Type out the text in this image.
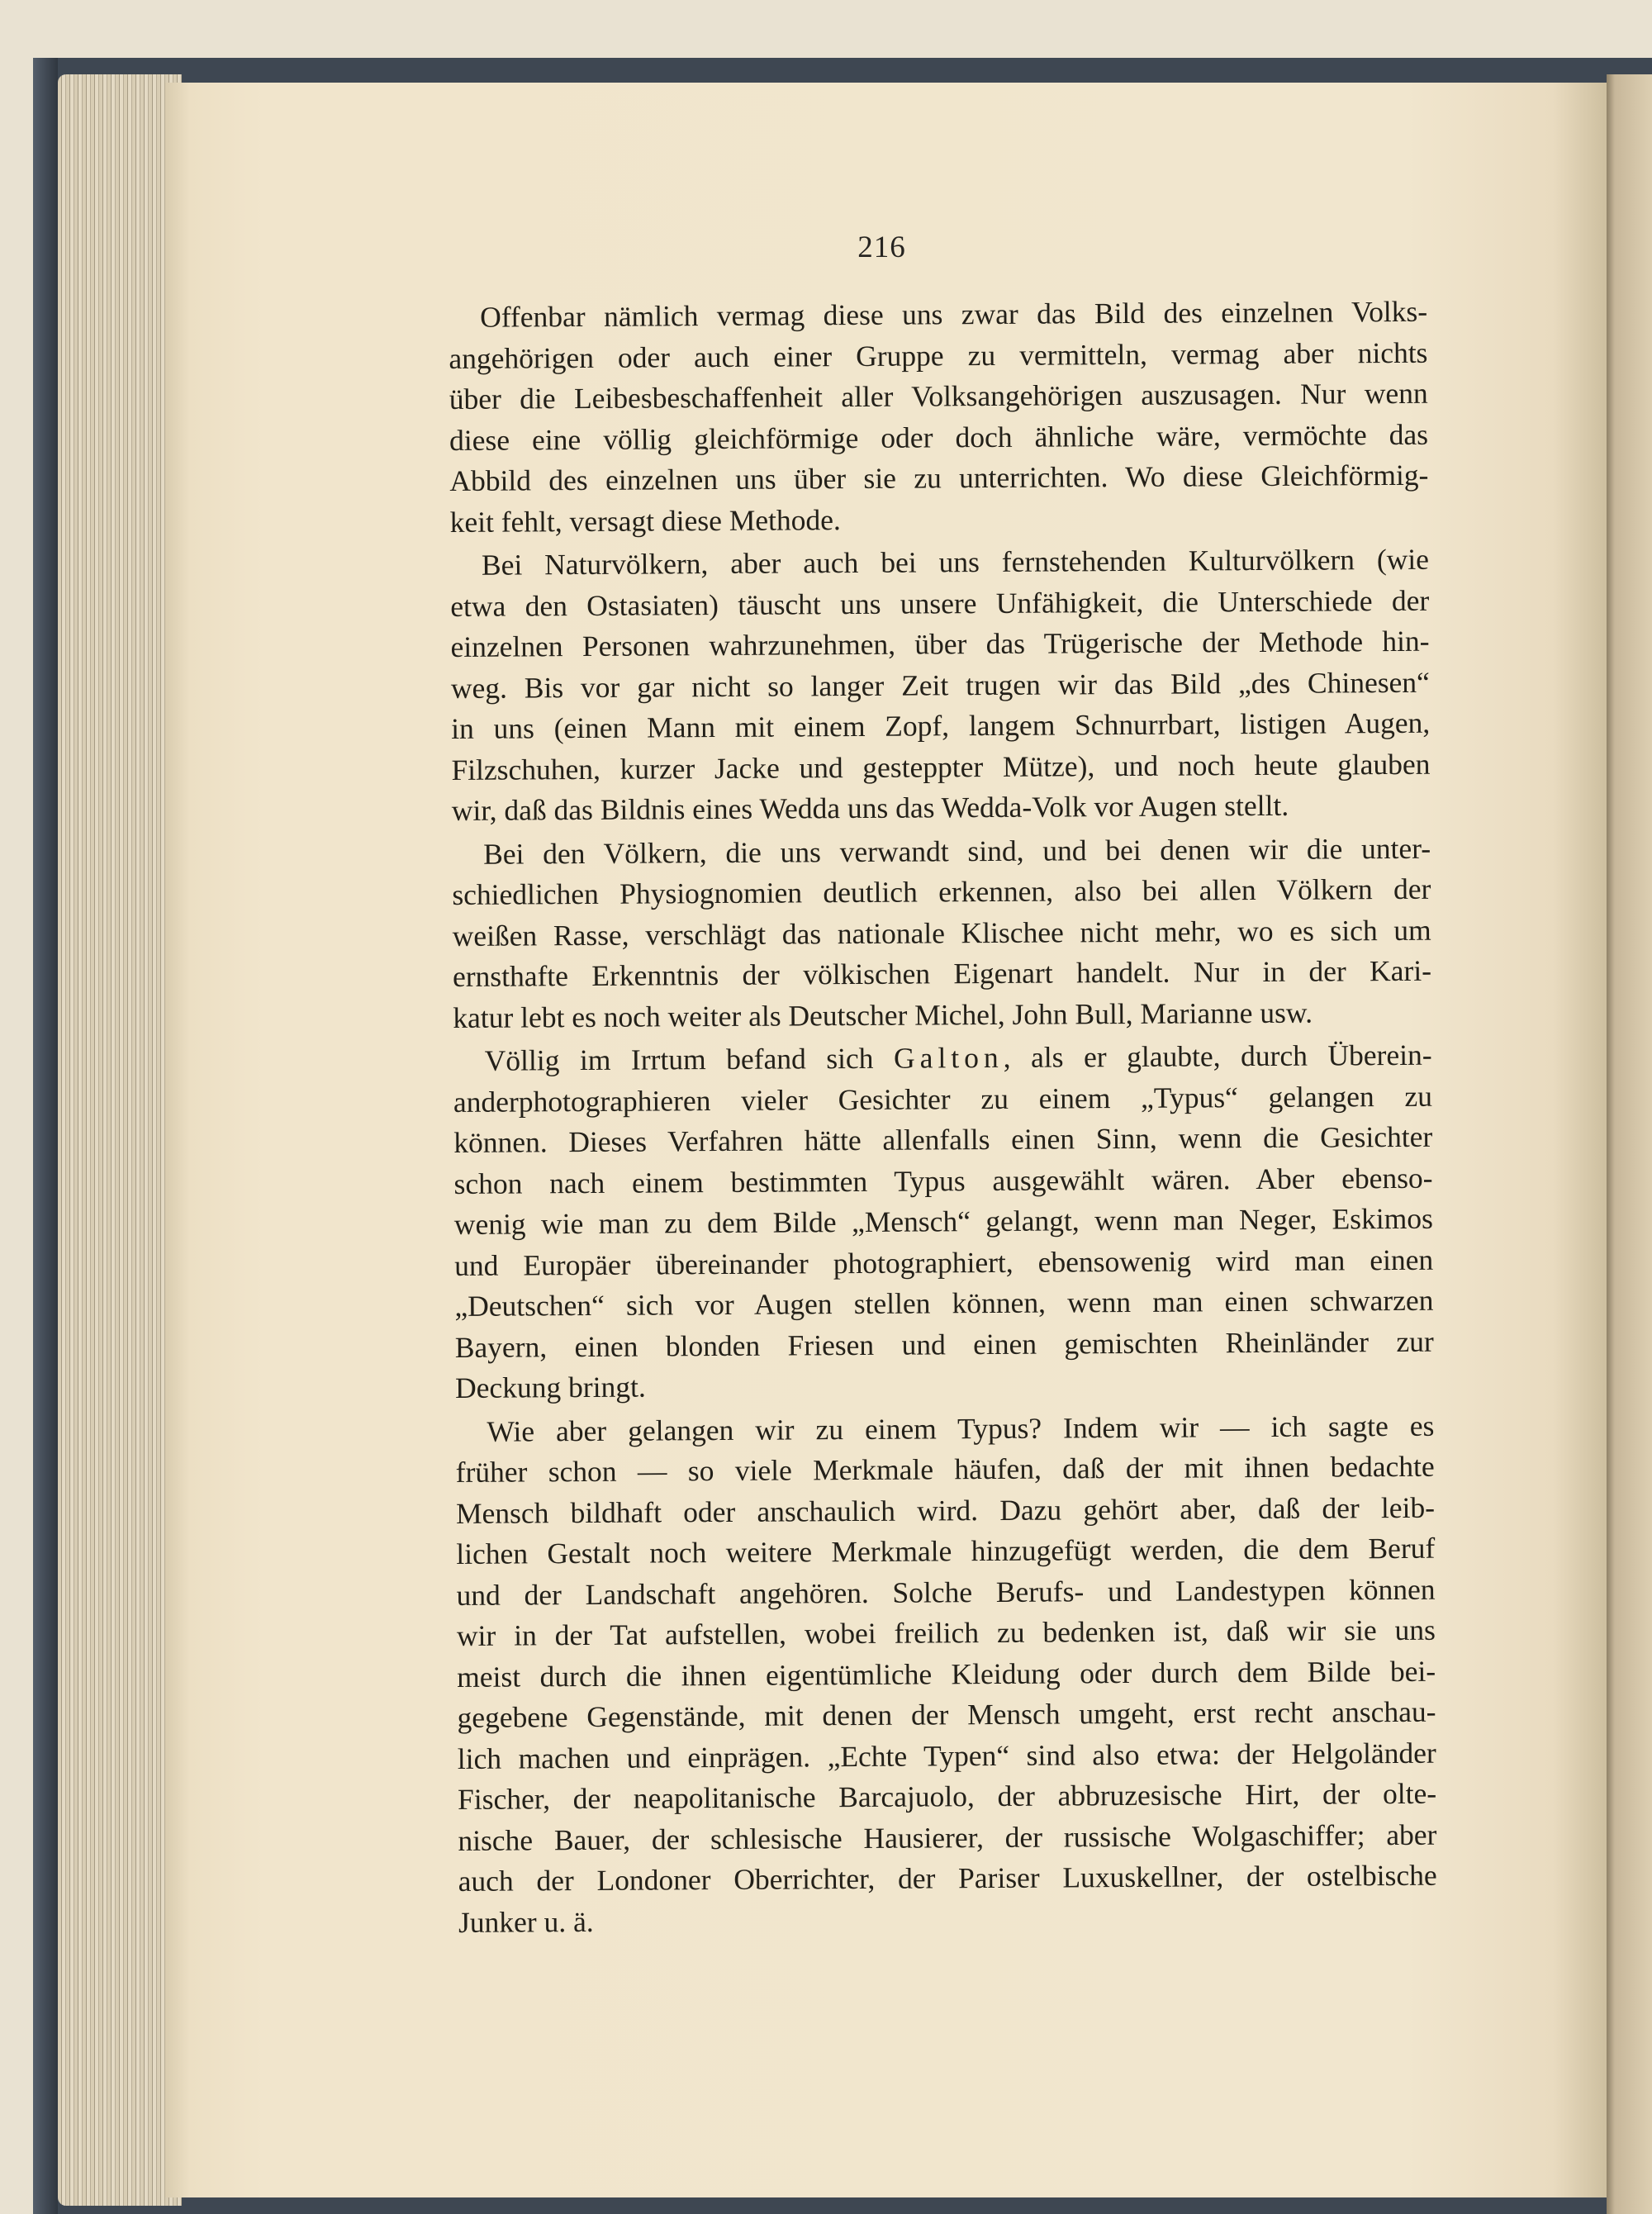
216
Offenbar nämlich vermag diese uns zwar das Bild des einzelnen Volks-
angehörigen oder auch einer Gruppe zu vermitteln, vermag aber nichts
über die Leibesbeschaffenheit aller Volksangehörigen auszusagen. Nur wenn
diese eine völlig gleichförmige oder doch ähnliche wäre, vermöchte das
Abbild des einzelnen uns über sie zu unterrichten. Wo diese Gleichförmig-
keit fehlt, versagt diese Methode.
Bei Naturvölkern, aber auch bei uns fernstehenden Kulturvölkern (wie
etwa den Ostasiaten) täuscht uns unsere Unfähigkeit, die Unterschiede der
einzelnen Personen wahrzunehmen, über das Trügerische der Methode hin-
weg. Bis vor gar nicht so langer Zeit trugen wir das Bild „des Chinesen“
in uns (einen Mann mit einem Zopf, langem Schnurrbart, listigen Augen,
Filzschuhen, kurzer Jacke und gesteppter Mütze), und noch heute glauben
wir, daß das Bildnis eines Wedda uns das Wedda-Volk vor Augen stellt.
Bei den Völkern, die uns verwandt sind, und bei denen wir die unter-
schiedlichen Physiognomien deutlich erkennen, also bei allen Völkern der
weißen Rasse, verschlägt das nationale Klischee nicht mehr, wo es sich um
ernsthafte Erkenntnis der völkischen Eigenart handelt. Nur in der Kari-
katur lebt es noch weiter als Deutscher Michel, John Bull, Marianne usw.
Völlig im Irrtum befand sich Galton, als er glaubte, durch Überein-
anderphotographieren vieler Gesichter zu einem „Typus“ gelangen zu
können. Dieses Verfahren hätte allenfalls einen Sinn, wenn die Gesichter
schon nach einem bestimmten Typus ausgewählt wären. Aber ebenso-
wenig wie man zu dem Bilde „Mensch“ gelangt, wenn man Neger, Eskimos
und Europäer übereinander photographiert, ebensowenig wird man einen
„Deutschen“ sich vor Augen stellen können, wenn man einen schwarzen
Bayern, einen blonden Friesen und einen gemischten Rheinländer zur
Deckung bringt.
Wie aber gelangen wir zu einem Typus? Indem wir — ich sagte es
früher schon — so viele Merkmale häufen, daß der mit ihnen bedachte
Mensch bildhaft oder anschaulich wird. Dazu gehört aber, daß der leib-
lichen Gestalt noch weitere Merkmale hinzugefügt werden, die dem Beruf
und der Landschaft angehören. Solche Berufs- und Landestypen können
wir in der Tat aufstellen, wobei freilich zu bedenken ist, daß wir sie uns
meist durch die ihnen eigentümliche Kleidung oder durch dem Bilde bei-
gegebene Gegenstände, mit denen der Mensch umgeht, erst recht anschau-
lich machen und einprägen. „Echte Typen“ sind also etwa: der Helgoländer
Fischer, der neapolitanische Barcajuolo, der abbruzesische Hirt, der olte-
nische Bauer, der schlesische Hausierer, der russische Wolgaschiffer; aber
auch der Londoner Oberrichter, der Pariser Luxuskellner, der ostelbische
Junker u. ä.
